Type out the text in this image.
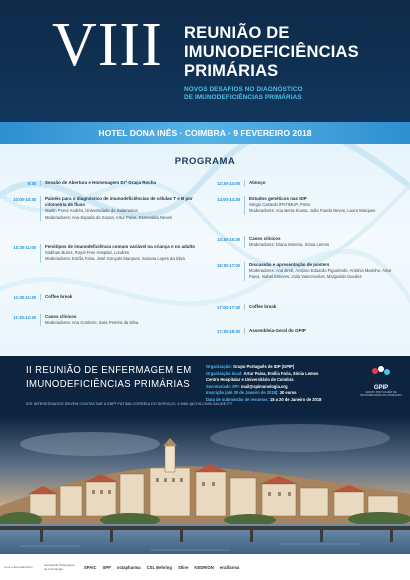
VIII REUNIÃO DE
IMUNODEFICIÊNCIAS
PRIMÁRIAS
NOVOS DESAFIOS NO DIAGNÓSTICO
DE IMUNODEFICIÊNCIAS PRIMÁRIAS
HOTEL DONA INÊS · COIMBRA · 9 FEVEREIRO 2018
PROGRAMA
9:30	Sessão de Abertura e Homenagem Drª Graça Rocha
10:00-10:30	Painéis para o diagnóstico de imunodeficiências de células T e B por citometria de fluxo
Martin Perez Andrés, Universidade de Salamanca
Moderadores: Ana Sapada de Sousa, Artur Paiva, Esmeralda Neves
10:30-11:00	Fenótipos de imunodeficiência comum variável na criança e no adulto
Siobhan Burns, Royal Free Hospital, Londres
Moderadores: Emília Faria, José Gonçalo Marques, Susana Lopes da Silva
11:00-11:30	Coffee break
11:30-12:30	Casos clínicos
Moderadores: Ana Cordeiro, Sara Pereira da Silva
12:30-14:00	Almoço
14:00-14:30	Estudos genéticos nas IDP
Sérgio Castedo IPATIMUP, Porto
Moderadores: Ana Berta Sousa, João Farela Neves, Laura Marques
14:30-15:30	Casos clínicos
Moderadores: Diana Moreira, Sónia Lemos
15:30-17:00	Discussão e apresentação de posters
Moderadores: Ana Brett, António Eduardo Figueiredo, António Marinho, Artur Paiva, Isabel Esteves, Júlia Vasconcelos, Margarida Guedes
17:00-17:30	Coffee break
17:30-18:30	Assembleia-Geral do GPIP
II REUNIÃO DE ENFERMAGEM EM
IMUNODEFICIÊNCIAS PRIMÁRIAS
IDS INTERESSADOS DEVEM CONTACTAR A ENFª FÁTIMA CORREIA DO SERVIÇO: 4 MAIL@CHSJ.MIN-SAUDE.PT
Organização: Grupo Português de IDP (GPIP)
Organização local: Artur Paiva, Emília Faria, Sónia Lemos
Centro Hospitalar e Universitário de Coimbra
Secretariado SPI: mail@spimunologia.org
Inscrição (até 30 de Janeiro de 2018): 30 euros
Data de submissão de resumos: 15 a 20 de Janeiro de 2018
GPIP
GRUPO PORTUGUÊS DE IMUNODEFICIÊNCIAS PRIMÁRIAS
Com o alto patrocínio	Sociedade Portuguesa de Imunologia	SPAIC SPP octapharma CSL Behring Shire KEDRION enzifarma
